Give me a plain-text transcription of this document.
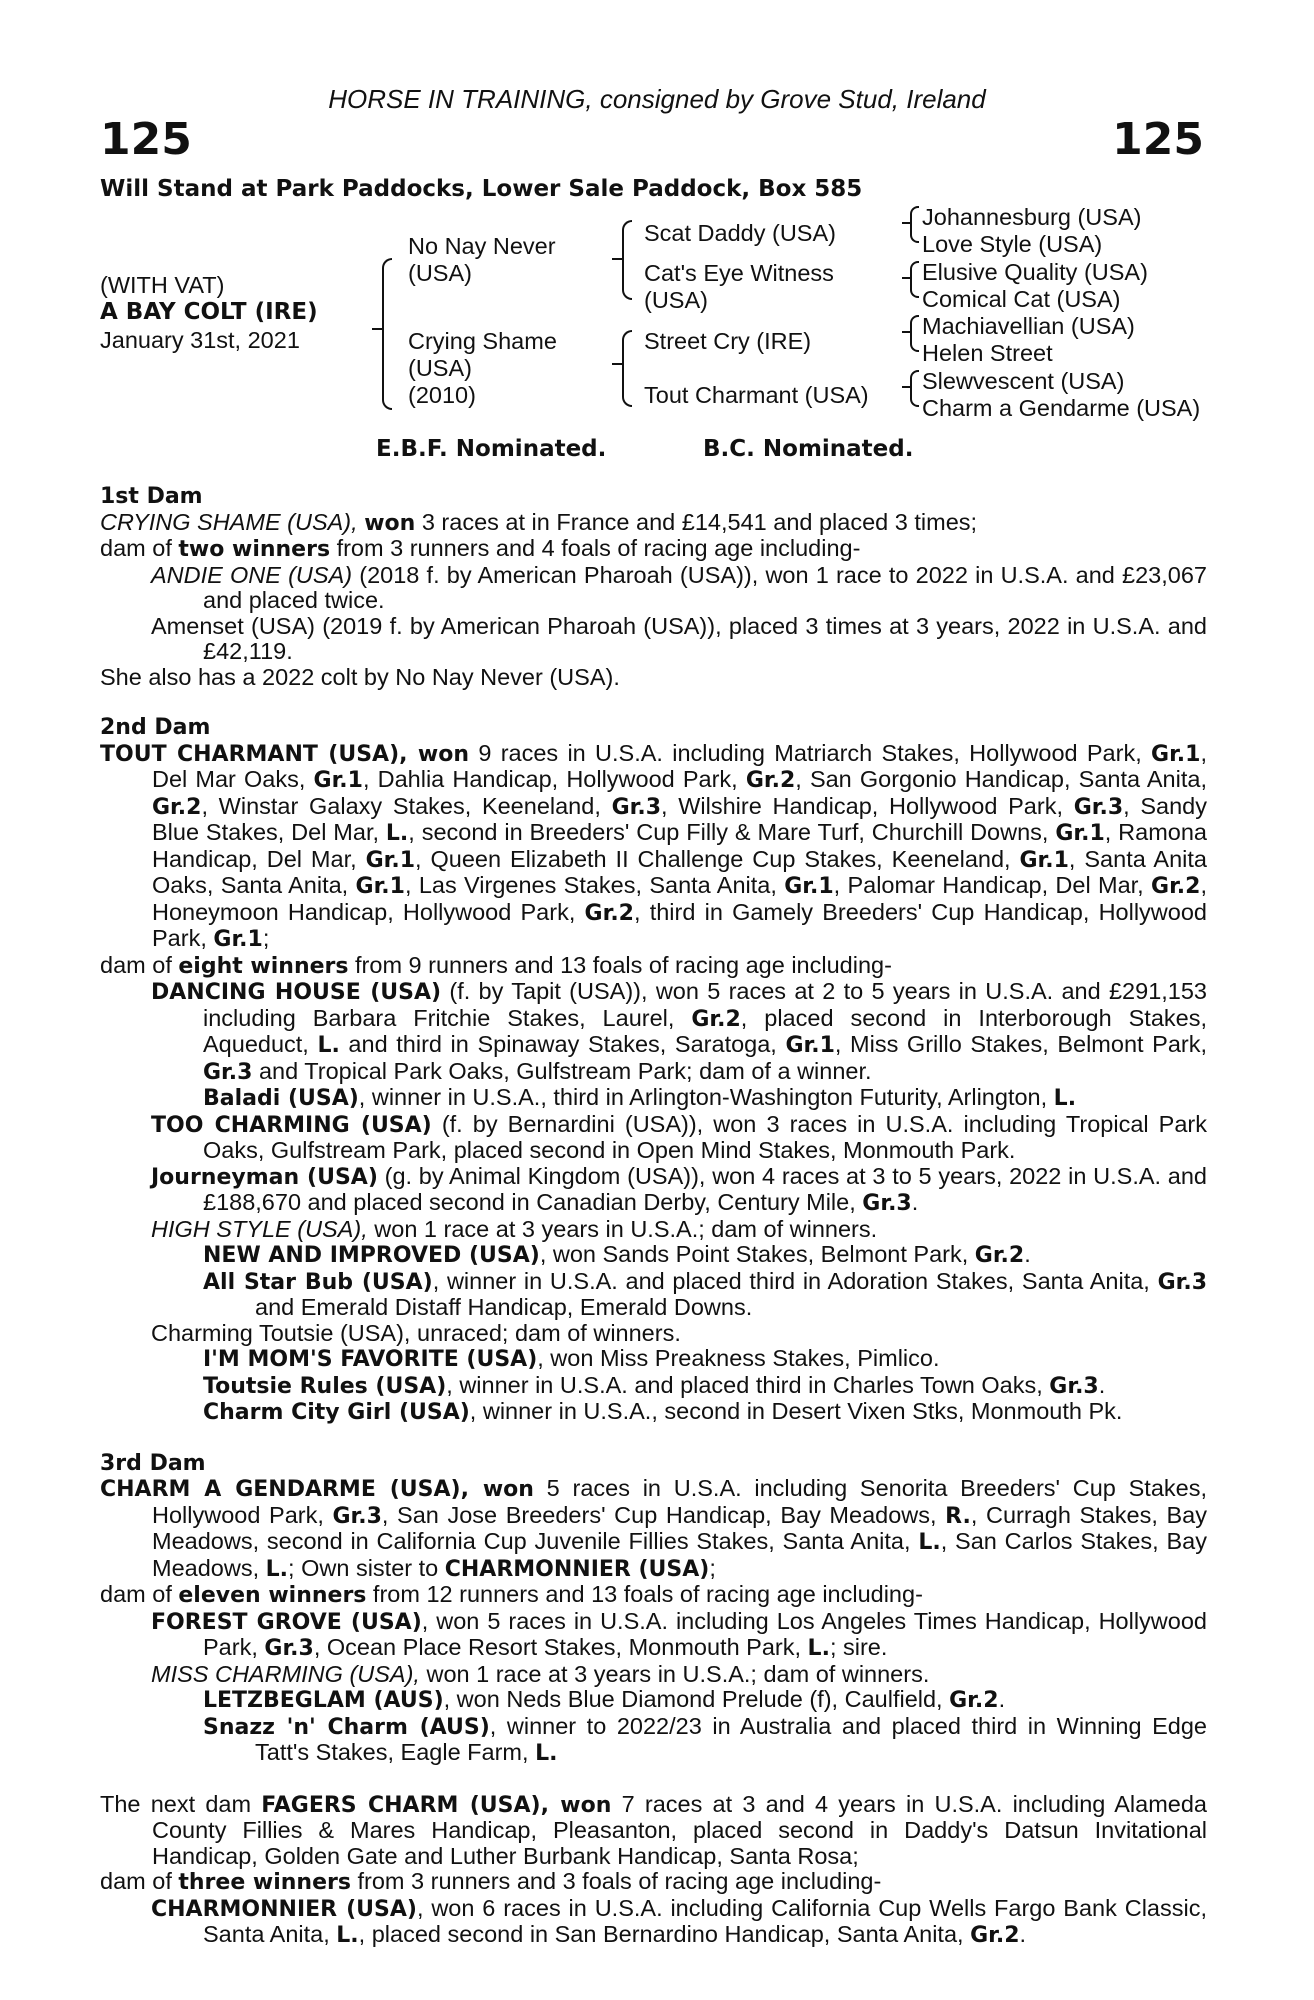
HORSE IN TRAINING, consigned by Grove Stud, Ireland
125	125
Will Stand at Park Paddocks, Lower Sale Paddock, Box 585
(WITH VAT)
A BAY COLT (IRE)
January 31st, 2021
No Nay Never
(USA)
Crying Shame
(USA)
(2010)
Scat Daddy (USA)
Cat's Eye Witness
(USA)
Street Cry (IRE)
Tout Charmant (USA)
Johannesburg (USA)
Love Style (USA)
Elusive Quality (USA)
Comical Cat (USA)
Machiavellian (USA)
Helen Street
Slewvescent (USA)
Charm a Gendarme (USA)
E.B.F. Nominated.	B.C. Nominated.
1st Dam

CRYING SHAME (USA), won 3 races at in France and £14,541 and placed 3 times;

dam of two winners from 3 runners and 4 foals of racing age including-

ANDIE ONE (USA) (2018 f. by American Pharoah (USA)), won 1 race to 2022 in U.S.A. and £23,067 and placed twice.

Amenset (USA) (2019 f. by American Pharoah (USA)), placed 3 times at 3 years, 2022 in U.S.A. and £42,119.

She also has a 2022 colt by No Nay Never (USA).

2nd Dam

TOUT CHARMANT (USA), won 9 races in U.S.A. including Matriarch Stakes, Hollywood Park, Gr.1, Del Mar Oaks, Gr.1, Dahlia Handicap, Hollywood Park, Gr.2, San Gorgonio Handicap, Santa Anita, Gr.2, Winstar Galaxy Stakes, Keeneland, Gr.3, Wilshire Handicap, Hollywood Park, Gr.3, Sandy Blue Stakes, Del Mar, L., second in Breeders' Cup Filly & Mare Turf, Churchill Downs, Gr.1, Ramona Handicap, Del Mar, Gr.1, Queen Elizabeth II Challenge Cup Stakes, Keeneland, Gr.1, Santa Anita Oaks, Santa Anita, Gr.1, Las Virgenes Stakes, Santa Anita, Gr.1, Palomar Handicap, Del Mar, Gr.2, Honeymoon Handicap, Hollywood Park, Gr.2, third in Gamely Breeders' Cup Handicap, Hollywood Park, Gr.1;

dam of eight winners from 9 runners and 13 foals of racing age including-

DANCING HOUSE (USA) (f. by Tapit (USA)), won 5 races at 2 to 5 years in U.S.A. and £291,153 including Barbara Fritchie Stakes, Laurel, Gr.2, placed second in Interborough Stakes, Aqueduct, L. and third in Spinaway Stakes, Saratoga, Gr.1, Miss Grillo Stakes, Belmont Park, Gr.3 and Tropical Park Oaks, Gulfstream Park; dam of a winner.

Baladi (USA), winner in U.S.A., third in Arlington-Washington Futurity, Arlington, L.

TOO CHARMING (USA) (f. by Bernardini (USA)), won 3 races in U.S.A. including Tropical Park Oaks, Gulfstream Park, placed second in Open Mind Stakes, Monmouth Park.

Journeyman (USA) (g. by Animal Kingdom (USA)), won 4 races at 3 to 5 years, 2022 in U.S.A. and £188,670 and placed second in Canadian Derby, Century Mile, Gr.3.

HIGH STYLE (USA), won 1 race at 3 years in U.S.A.; dam of winners.

NEW AND IMPROVED (USA), won Sands Point Stakes, Belmont Park, Gr.2.

All Star Bub (USA), winner in U.S.A. and placed third in Adoration Stakes, Santa Anita, Gr.3 and Emerald Distaff Handicap, Emerald Downs.

Charming Toutsie (USA), unraced; dam of winners.

I'M MOM'S FAVORITE (USA), won Miss Preakness Stakes, Pimlico.

Toutsie Rules (USA), winner in U.S.A. and placed third in Charles Town Oaks, Gr.3.

Charm City Girl (USA), winner in U.S.A., second in Desert Vixen Stks, Monmouth Pk.

3rd Dam

CHARM A GENDARME (USA), won 5 races in U.S.A. including Senorita Breeders' Cup Stakes, Hollywood Park, Gr.3, San Jose Breeders' Cup Handicap, Bay Meadows, R., Curragh Stakes, Bay Meadows, second in California Cup Juvenile Fillies Stakes, Santa Anita, L., San Carlos Stakes, Bay Meadows, L.; Own sister to CHARMONNIER (USA);

dam of eleven winners from 12 runners and 13 foals of racing age including-

FOREST GROVE (USA), won 5 races in U.S.A. including Los Angeles Times Handicap, Hollywood Park, Gr.3, Ocean Place Resort Stakes, Monmouth Park, L.; sire.

MISS CHARMING (USA), won 1 race at 3 years in U.S.A.; dam of winners.

LETZBEGLAM (AUS), won Neds Blue Diamond Prelude (f), Caulfield, Gr.2.

Snazz 'n' Charm (AUS), winner to 2022/23 in Australia and placed third in Winning Edge Tatt's Stakes, Eagle Farm, L.

The next dam FAGERS CHARM (USA), won 7 races at 3 and 4 years in U.S.A. including Alameda County Fillies & Mares Handicap, Pleasanton, placed second in Daddy's Datsun Invitational Handicap, Golden Gate and Luther Burbank Handicap, Santa Rosa;

dam of three winners from 3 runners and 3 foals of racing age including-

CHARMONNIER (USA), won 6 races in U.S.A. including California Cup Wells Fargo Bank Classic, Santa Anita, L., placed second in San Bernardino Handicap, Santa Anita, Gr.2.
